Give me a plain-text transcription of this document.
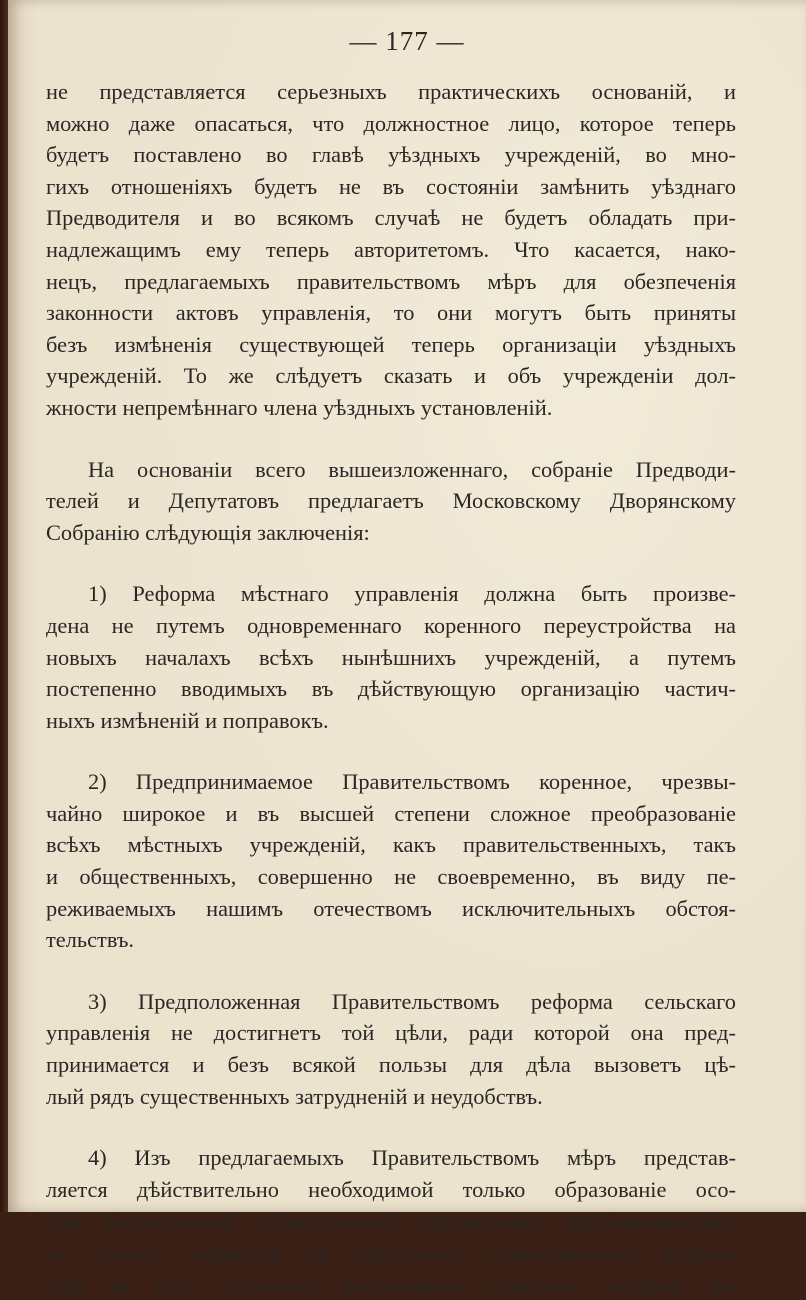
— 177 —
не представляется серьезныхъ практическихъ основаній, и
можно даже опасаться, что должностное лицо, которое теперь
будетъ поставлено во главѣ уѣздныхъ учрежденій, во мно-
гихъ отношеніяхъ будетъ не въ состояніи замѣнить уѣзднаго
Предводителя и во всякомъ случаѣ не будетъ обладать при-
надлежащимъ ему теперь авторитетомъ. Что касается, нако-
нецъ, предлагаемыхъ правительствомъ мѣръ для обезпеченія
законности актовъ управленія, то они могутъ быть приняты
безъ измѣненія существующей теперь организаціи уѣздныхъ
учрежденій. То же слѣдуетъ сказать и объ учрежденіи дол-
жности непремѣннаго члена уѣздныхъ установленій.
На основаніи всего вышеизложеннаго, собраніе Предводи-
телей и Депутатовъ предлагаетъ Московскому Дворянскому
Собранію слѣдующія заключенія:
1) Реформа мѣстнаго управленія должна быть произве-
дена не путемъ одновременнаго коренного переустройства на
новыхъ началахъ всѣхъ нынѣшнихъ учрежденій, а путемъ
постепенно вводимыхъ въ дѣйствующую организацію частич-
ныхъ измѣненій и поправокъ.
2) Предпринимаемое Правительствомъ коренное, чрезвы-
чайно широкое и въ высшей степени сложное преобразованіе
всѣхъ мѣстныхъ учрежденій, какъ правительственныхъ, такъ
и общественныхъ, совершенно не своевременно, въ виду пе-
реживаемыхъ нашимъ отечествомъ исключительныхъ обстоя-
тельствъ.
3) Предположенная Правительствомъ реформа сельскаго
управленія не достигнетъ той цѣли, ради которой она пред-
принимается и безъ всякой пользы для дѣла вызоветъ цѣ-
лый рядъ существенныхъ затрудненій и неудобствъ.
4) Изъ предлагаемыхъ Правительствомъ мѣръ представ-
ляется дѣйствительно необходимой только образованіе осо-
бой безсословной общественной организаціи, приближающейся
по своему характеру къ городскому общественному устрой-
ству въ тѣхъ сельскихъ населенныхъ пунктахъ, которые ли-
